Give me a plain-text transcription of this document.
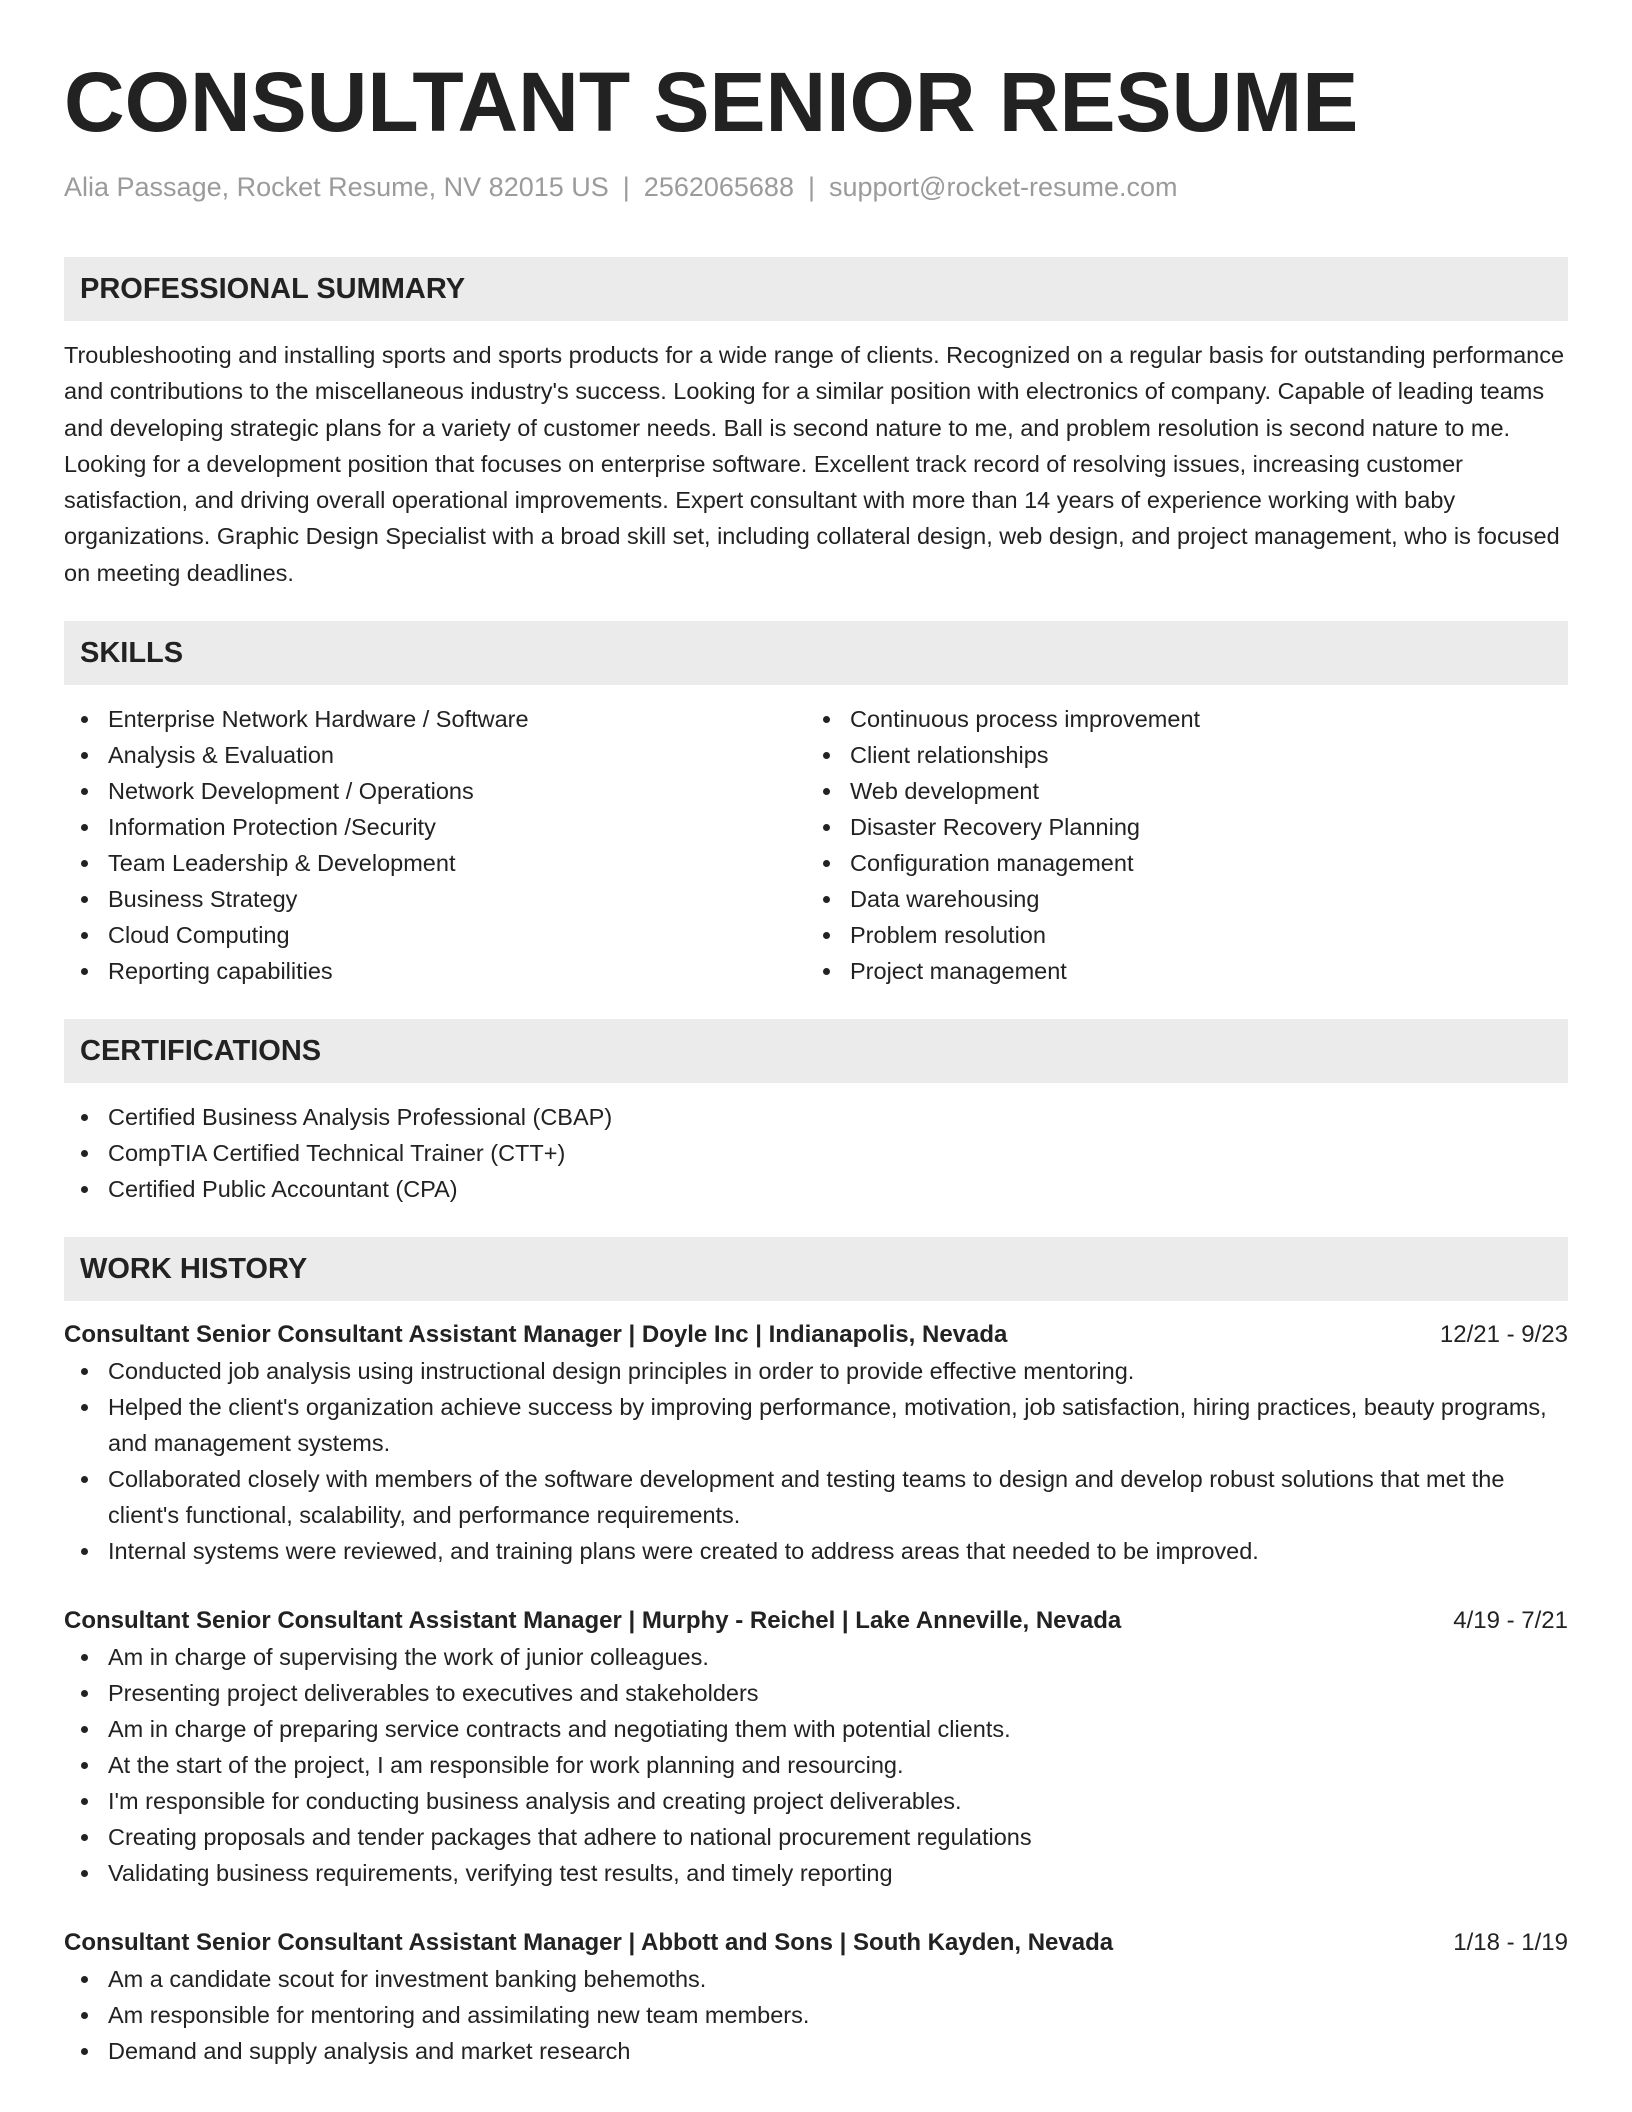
CONSULTANT SENIOR RESUME
Alia Passage, Rocket Resume, NV 82015 US | 2562065688 | support@rocket-resume.com
PROFESSIONAL SUMMARY

Troubleshooting and installing sports and sports products for a wide range of clients. Recognized on a regular basis for outstanding performance and contributions to the miscellaneous industry's success. Looking for a similar position with electronics of company. Capable of leading teams and developing strategic plans for a variety of customer needs. Ball is second nature to me, and problem resolution is second nature to me. Looking for a development position that focuses on enterprise software. Excellent track record of resolving issues, increasing customer satisfaction, and driving overall operational improvements. Expert consultant with more than 14 years of experience working with baby organizations. Graphic Design Specialist with a broad skill set, including collateral design, web design, and project management, who is focused on meeting deadlines.

SKILLS
Enterprise Network Hardware / Software
Analysis & Evaluation
Network Development / Operations
Information Protection /Security
Team Leadership & Development
Business Strategy
Cloud Computing
Reporting capabilities
Continuous process improvement
Client relationships
Web development
Disaster Recovery Planning
Configuration management
Data warehousing
Problem resolution
Project management
CERTIFICATIONS
Certified Business Analysis Professional (CBAP)
CompTIA Certified Technical Trainer (CTT+)
Certified Public Accountant (CPA)
WORK HISTORY
Consultant Senior Consultant Assistant Manager | Doyle Inc | Indianapolis, Nevada	12/21 - 9/23
Conducted job analysis using instructional design principles in order to provide effective mentoring.
Helped the client's organization achieve success by improving performance, motivation, job satisfaction, hiring practices, beauty programs, and management systems.
Collaborated closely with members of the software development and testing teams to design and develop robust solutions that met the client's functional, scalability, and performance requirements.
Internal systems were reviewed, and training plans were created to address areas that needed to be improved.
Consultant Senior Consultant Assistant Manager | Murphy - Reichel | Lake Anneville, Nevada	4/19 - 7/21
Am in charge of supervising the work of junior colleagues.
Presenting project deliverables to executives and stakeholders
Am in charge of preparing service contracts and negotiating them with potential clients.
At the start of the project, I am responsible for work planning and resourcing.
I'm responsible for conducting business analysis and creating project deliverables.
Creating proposals and tender packages that adhere to national procurement regulations
Validating business requirements, verifying test results, and timely reporting
Consultant Senior Consultant Assistant Manager | Abbott and Sons | South Kayden, Nevada	1/18 - 1/19
Am a candidate scout for investment banking behemoths.
Am responsible for mentoring and assimilating new team members.
Demand and supply analysis and market research
